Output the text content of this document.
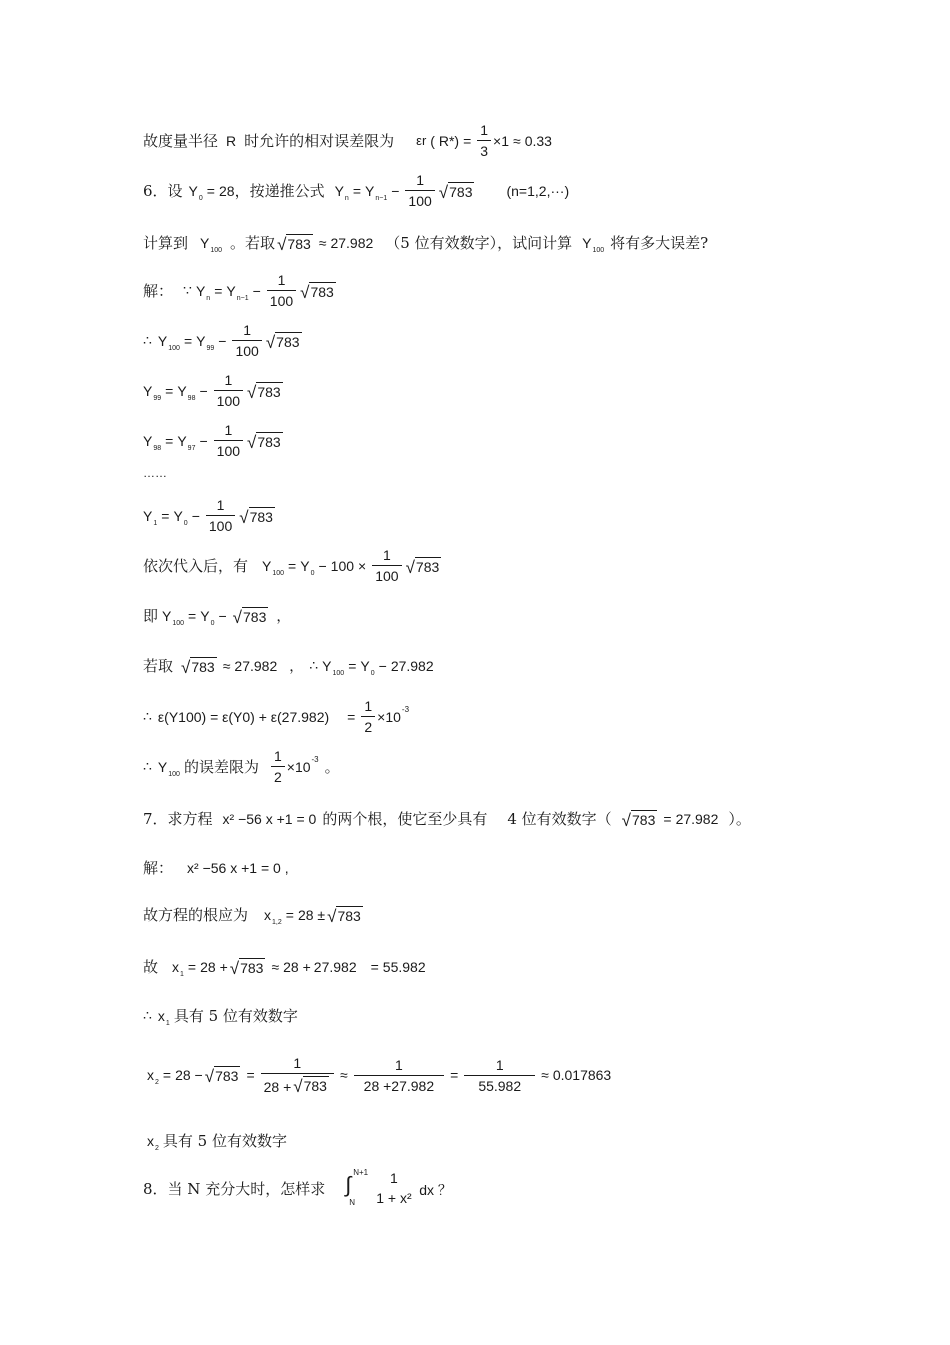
故度量半径 R 时允许的相对误差限为 εr ( $R*) = \frac{1}{3} \times 1 \approx 0.33$
6．设 $Y_0 = 28$ ，按递推公式 $Y_n = Y_{n-1} - \frac{1}{100}$ √ 783 (n=1,2,···)
计算到 $Y_{100}$ 。若取 √ 783 ≈ 27.982 （5 位有效数字），试问计算 $Y_{100}$ 将有多大误差?
解： ∵ $Y_n = Y_{n-1} - \frac{1}{100}$ √ 783
∴ $Y_{100} = Y_{99} - \frac{1}{100}$ √ 783
$Y_{99} = Y_{98} - \frac{1}{100}$ √ 783
$Y_{98} = Y_{97} - \frac{1}{100}$ √ 783
……
$Y_1 = Y_0 - \frac{1}{100}$ √ 783
依次代入后，有 $Y_{100} = Y_0 - 100 \times \frac{1}{100}$ √ 783
即 $Y_{100} = Y_0$ − √ 783 ，
若取 √ 783 ≈ 27.982 ， ∴ $Y_{100} = Y_0 - 27.982$
∴ $\varepsilon(Y100) = \varepsilon(Y0) + \varepsilon(27.982) = \frac{1}{2} \times 10$ -3
∴ $Y_{100}$ 的误差限为 $\frac{1}{2} \times 10$ -3 。
7．求方程 x² −56 x +1 = 0 的两个根，使它至少具有 4 位有效数字（ √ 783 = 27.982 ）。
解： x² −56 x +1 = 0 ,
故方程的根应为 $x_{1,2} = 28$ ± √ 783
故 $x_1 = 28$ + √ 783 ≈ 28 + 27.982 = 55.982
∴ $x_1$ 具有 5 位有效数字
$x_2 = 28$ − √ $783 = \frac{1}{28 + √ 783} \approx \frac{1}{28 +27.982} = \frac{1}{55.982} \approx 0.017863$
$x_2$ 具有 5 位有效数字
8．当 N 充分大时，怎样求 ∫ N+1
N
1
1 + x² dx ？
